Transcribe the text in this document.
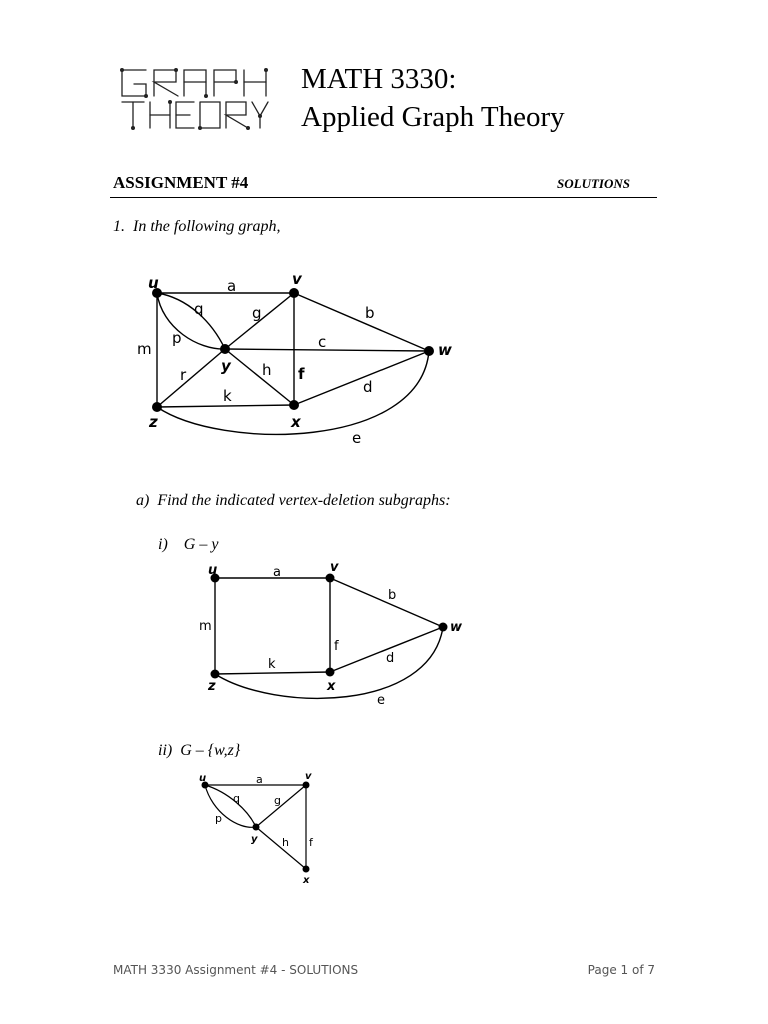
MATH 3330:
Applied Graph Theory
ASSIGNMENT #4	SOLUTIONS
1. In the following graph,
u	v
w
x
y
z
a
b
c
d
e
f
g
h
k
m
p
q
r
a) Find the indicated vertex-deletion subgraphs:
i)  G – y
u	v
w
x
z
a
b
d
e
f
k
m
ii) G – {w,z}
u	v
x
y
a
f
g
h
p
q
MATH 3330 Assignment #4 - SOLUTIONS	Page 1 of 7
